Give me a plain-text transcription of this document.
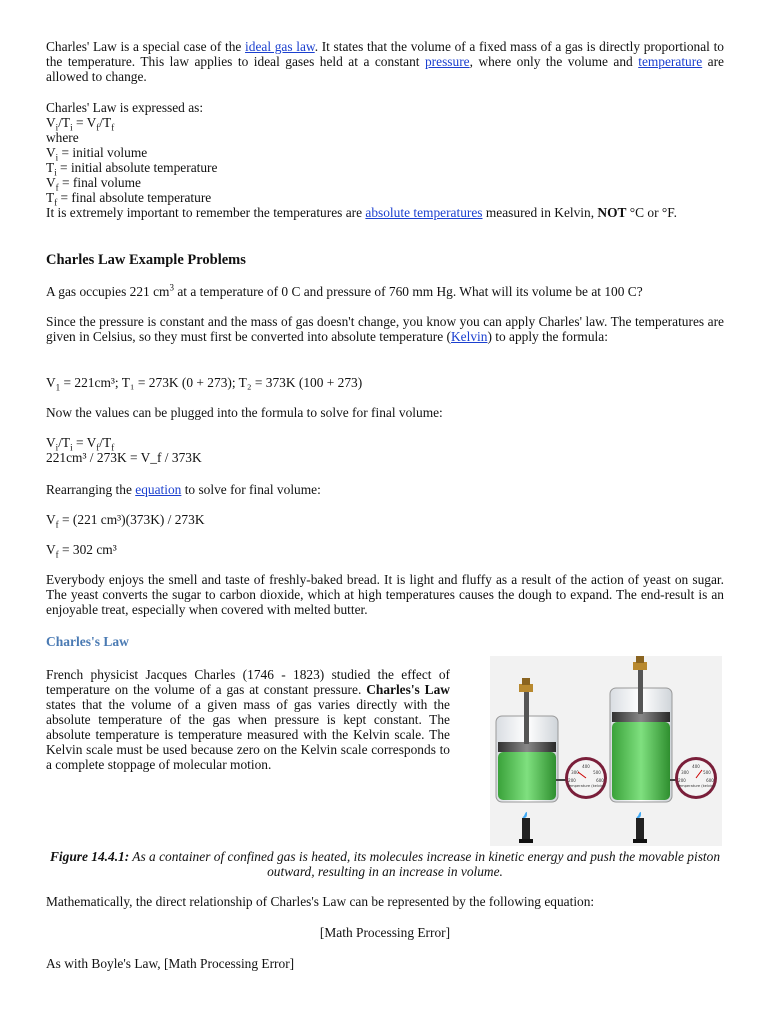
Charles' Law is a special case of the ideal gas law. It states that the volume of a fixed mass of a gas is directly proportional to the temperature. This law applies to ideal gases held at a constant pressure, where only the volume and temperature are allowed to change.

Charles' Law is expressed as:
$V_i/T_i = V_f/T_f$
where
$V_i$ = initial volume
$T_i$ = initial absolute temperature
$V_f$ = final volume
$T_f$ = final absolute temperature
It is extremely important to remember the temperatures are absolute temperatures measured in Kelvin, NOT °C or °F.
Charles Law Example Problems

A gas occupies 221 $cm^3$ at a temperature of 0 C and pressure of 760 mm Hg. What will its volume be at 100 C?

Since the pressure is constant and the mass of gas doesn't change, you know you can apply Charles' law. The temperatures are given in Celsius, so they must first be converted into absolute temperature (Kelvin) to apply the formula:

$V_1 = 221cm^3$; T₁ = 273K (0 + 273); T₂ = 373K (100 + 273)

Now the values can be plugged into the formula to solve for final volume:

$V_i/T_i = V_f/T_f$
221cm³ / 273K = V_f / 373K

Rearranging the equation to solve for final volume:

$V_f = (221$ cm³)(373K) / 273K

$V_f = 302$ cm³

Everybody enjoys the smell and taste of freshly-baked bread. It is light and fluffy as a result of the action of yeast on sugar. The yeast converts the sugar to carbon dioxide, which at high temperatures causes the dough to expand. The end-result is an enjoyable treat, especially when covered with melted butter.

Charles's Law

French physicist Jacques Charles (1746 - 1823) studied the effect of temperature on the volume of a gas at constant pressure. Charles's Law states that the volume of a given mass of gas varies directly with the absolute temperature of the gas when pressure is kept constant. The absolute temperature is temperature measured with the Kelvin scale. The Kelvin scale must be used because zero on the Kelvin scale corresponds to a complete stoppage of molecular motion.	400
300	500
200	600
Temperature (kelvin)
400
300	500
200	600
Temperature (kelvin)
Figure 14.4.1: As a container of confined gas is heated, its molecules increase in kinetic energy and push the movable piston outward, resulting in an increase in volume.

Mathematically, the direct relationship of Charles's Law can be represented by the following equation:

[Math Processing Error]

As with Boyle's Law, [Math Processing Error]
